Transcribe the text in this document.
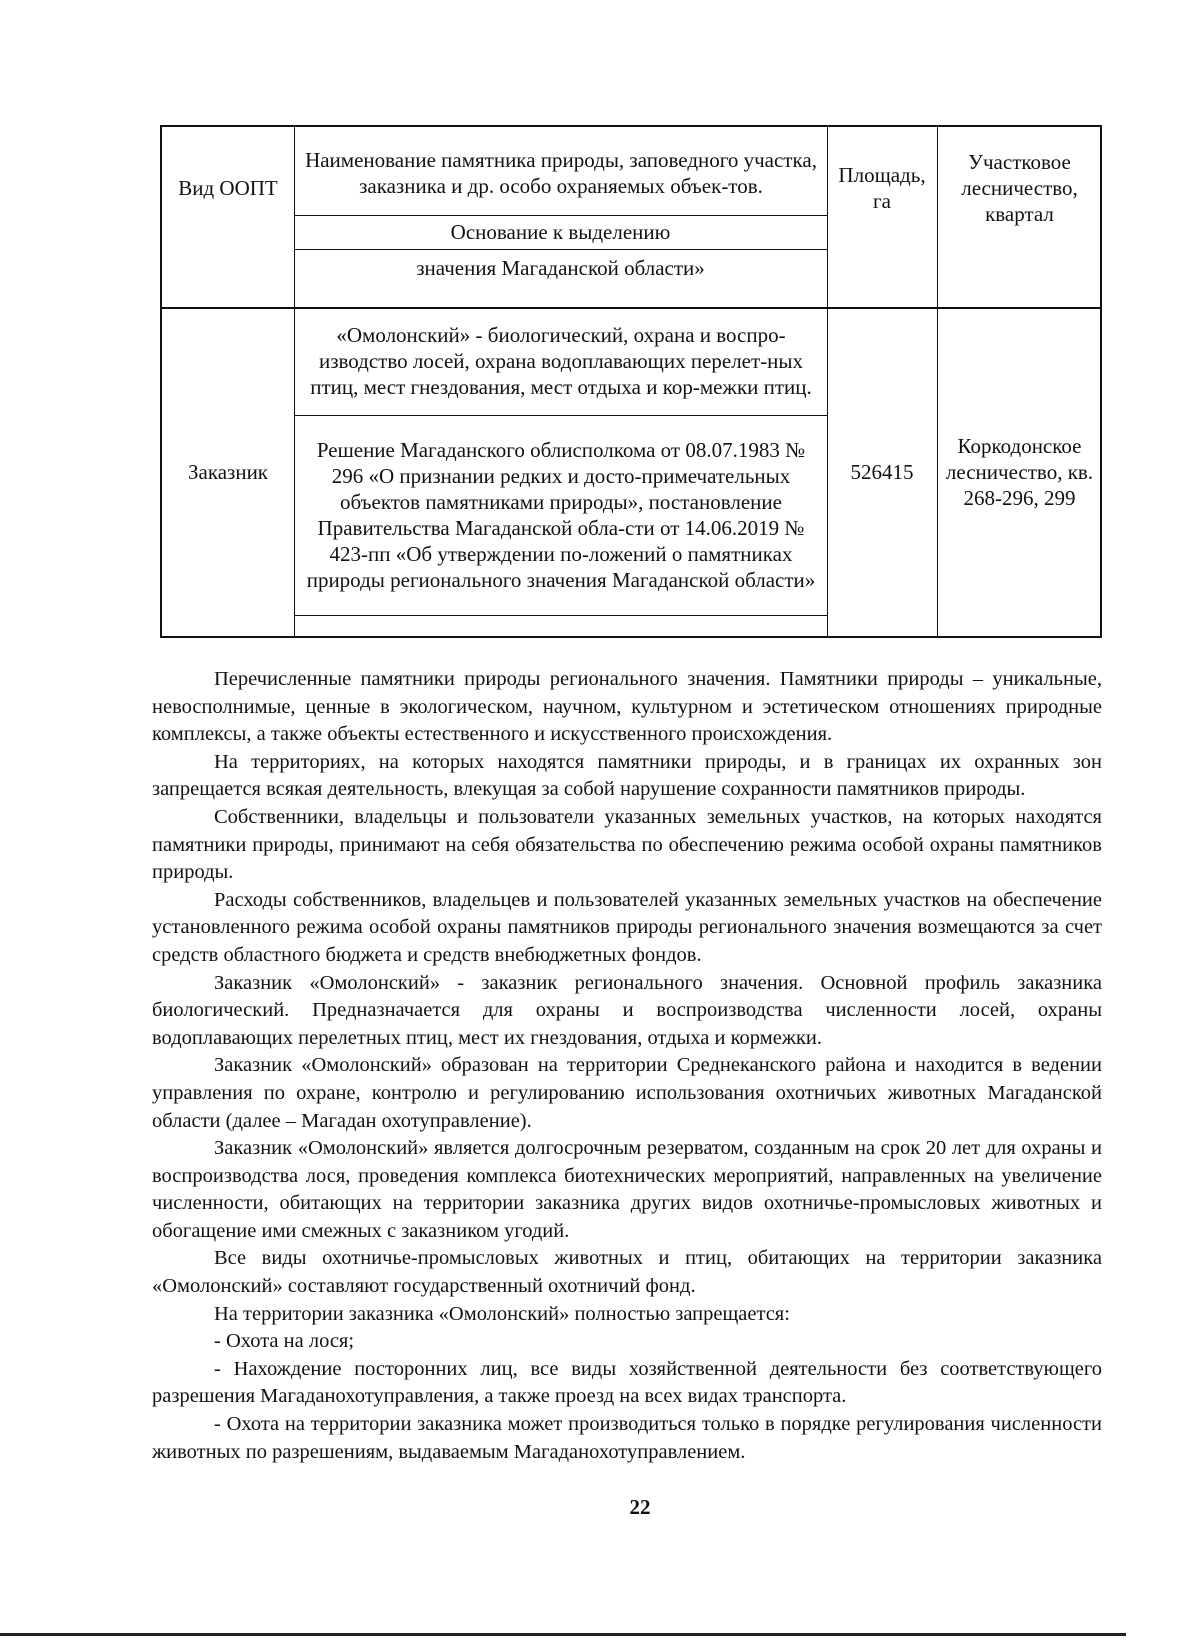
Вид ООПТ
Наименование памятника природы, заповедного участка, заказника и др. особо охраняемых объек-тов.
Основание к выделению
значения Магаданской области»
Площадь, га
Участковое лесничество, квартал
Заказник
«Омолонский» - биологический, охрана и воспро-изводство лосей, охрана водоплавающих перелет-ных птиц, мест гнездования, мест отдыха и кор-межки птиц.
Решение Магаданского облисполкома от 08.07.1983 № 296 «О признании редких и досто-примечательных объектов памятниками природы», постановление Правительства Магаданской обла-сти от 14.06.2019 № 423-пп «Об утверждении по-ложений о памятниках природы регионального значения Магаданской области»
526415
Коркодонское лесничество, кв. 268-296, 299

Перечисленные памятники природы регионального значения. Памятники природы – уникальные, невосполнимые, ценные в экологическом, научном, культурном и эстетическом отношениях природные комплексы, а также объекты естественного и искусственного происхождения.

На территориях, на которых находятся памятники природы, и в границах их охранных зон запрещается всякая деятельность, влекущая за собой нарушение сохранности памятников природы.

Собственники, владельцы и пользователи указанных земельных участков, на которых находятся памятники природы, принимают на себя обязательства по обеспечению режима особой охраны памятников природы.

Расходы собственников, владельцев и пользователей указанных земельных участков на обеспечение установленного режима особой охраны памятников природы регионального значения возмещаются за счет средств областного бюджета и средств внебюджетных фондов.

Заказник «Омолонский» - заказник регионального значения. Основной профиль заказника биологический. Предназначается для охраны и воспроизводства численности лосей, охраны водоплавающих перелетных птиц, мест их гнездования, отдыха и кормежки.

Заказник «Омолонский» образован на территории Среднеканского района и находится в ведении управления по охране, контролю и регулированию использования охотничьих животных Магаданской области (далее – Магадан охотуправление).

Заказник «Омолонский» является долгосрочным резерватом, созданным на срок 20 лет для охраны и воспроизводства лося, проведения комплекса биотехнических мероприятий, направленных на увеличение численности, обитающих на территории заказника других видов охотничье-промысловых животных и обогащение ими смежных с заказником угодий.

Все виды охотничье-промысловых животных и птиц, обитающих на территории заказника «Омолонский» составляют государственный охотничий фонд.

На территории заказника «Омолонский» полностью запрещается:

- Охота на лося;

- Нахождение посторонних лиц, все виды хозяйственной деятельности без соответствующего разрешения Магаданохотуправления, а также проезд на всех видах транспорта.

- Охота на территории заказника может производиться только в порядке регулирования численности животных по разрешениям, выдаваемым Магаданохотуправлением.

22
